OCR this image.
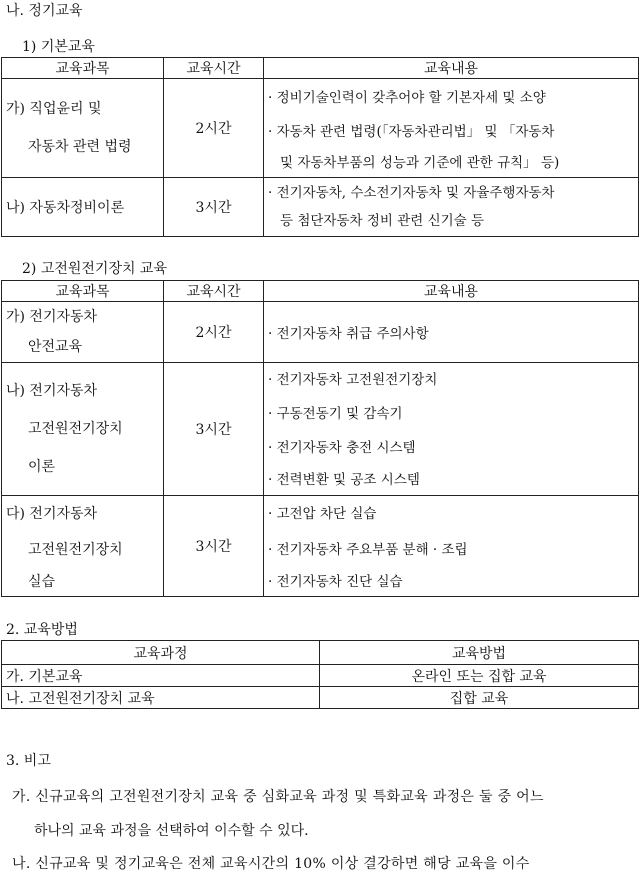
나. 정기교육
1) 기본교육
교육과목	교육시간	교육내용

가) 직업윤리 및
자동차 관련 법령	2시간	· 정비기술인력이 갖추어야 할 기본자세 및 소양
· 자동차 관련 법령(「자동차관리법」 및 「자동차
및 자동차부품의 성능과 기준에 관한 규칙」 등)

나) 자동차정비이론	3시간	· 전기자동차, 수소전기자동차 및 자율주행자동차
등 첨단자동차 정비 관련 신기술 등
2) 고전원전기장치 교육
교육과목	교육시간	교육내용

가) 전기자동차
안전교육	2시간	· 전기자동차 취급 주의사항

나) 전기자동차
고전원전기장치
이론	3시간	· 전기자동차 고전원전기장치
· 구동전동기 및 감속기
· 전기자동차 충전 시스템
· 전력변환 및 공조 시스템

다) 전기자동차
고전원전기장치
실습	3시간	· 고전압 차단 실습
· 전기자동차 주요부품 분해 · 조립
· 전기자동차 진단 실습
2. 교육방법
교육과정	교육방법
가. 기본교육	온라인 또는 집합 교육
나. 고전원전기장치 교육	집합 교육
3. 비고
가. 신규교육의 고전원전기장치 교육 중 심화교육 과정 및 특화교육 과정은 둘 중 어느
하나의 교육 과정을 선택하여 이수할 수 있다.
나. 신규교육 및 정기교육은 전체 교육시간의 10% 이상 결강하면 해당 교육을 이수
